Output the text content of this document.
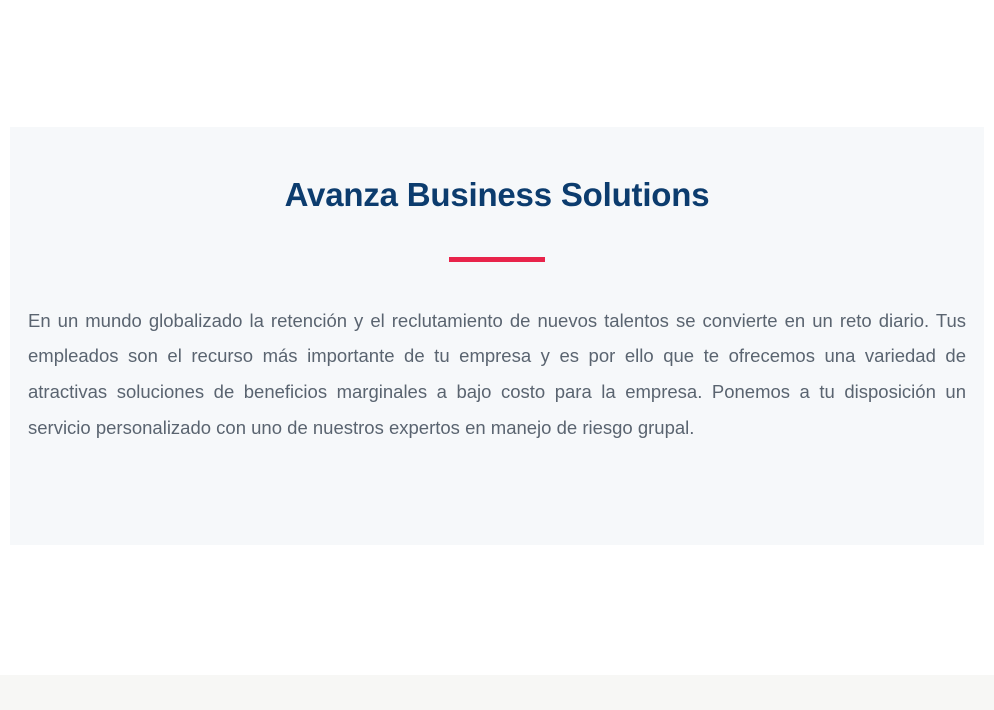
Avanza Business Solutions

En un mundo globalizado la retención y el reclutamiento de nuevos talentos se convierte en un reto diario. Tus empleados son el recurso más importante de tu empresa y es por ello que te ofrecemos una variedad de atractivas soluciones de beneficios marginales a bajo costo para la empresa. Ponemos a tu disposición un servicio personalizado con uno de nuestros expertos en manejo de riesgo grupal.
